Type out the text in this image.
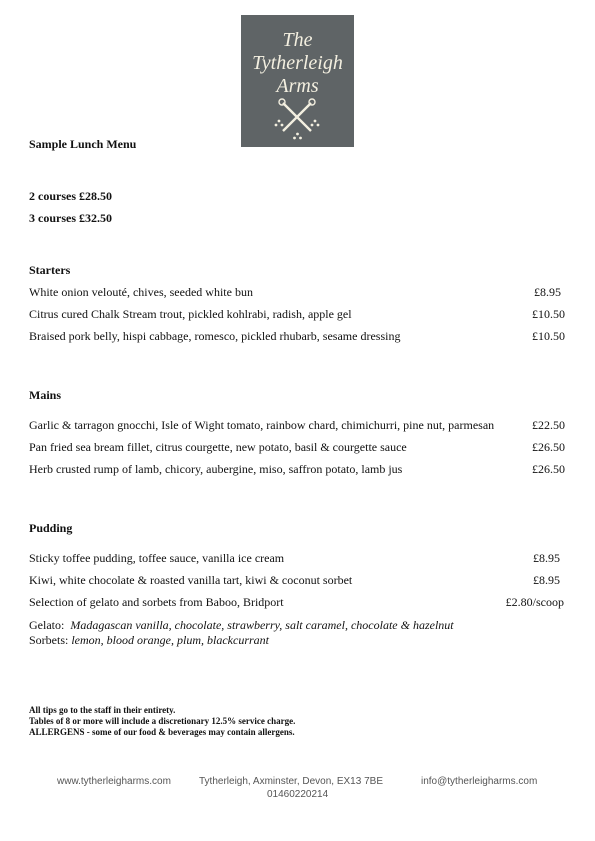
The
Tytherleigh
Arms
Sample Lunch Menu
2 courses £28.50
3 courses £32.50
Starters
White onion velouté, chives, seeded white bun	£8.95
Citrus cured Chalk Stream trout, pickled kohlrabi, radish, apple gel	£10.50
Braised pork belly, hispi cabbage, romesco, pickled rhubarb, sesame dressing	£10.50
Mains
Garlic & tarragon gnocchi, Isle of Wight tomato, rainbow chard, chimichurri, pine nut, parmesan	£22.50
Pan fried sea bream fillet, citrus courgette, new potato, basil & courgette sauce	£26.50
Herb crusted rump of lamb, chicory, aubergine, miso, saffron potato, lamb jus	£26.50
Pudding
Sticky toffee pudding, toffee sauce, vanilla ice cream	£8.95
Kiwi, white chocolate & roasted vanilla tart, kiwi & coconut sorbet	£8.95
Selection of gelato and sorbets from Baboo, Bridport	£2.80/scoop
Gelato: Madagascan vanilla, chocolate, strawberry, salt caramel, chocolate & hazelnut
Sorbets: lemon, blood orange, plum, blackcurrant
All tips go to the staff in their entirety.
Tables of 8 or more will include a discretionary 12.5% service charge.
ALLERGENS - some of our food & beverages may contain allergens.
www.tytherleigharms.com	Tytherleigh, Axminster, Devon, EX13 7BE
01460220214
info@tytherleigharms.com
